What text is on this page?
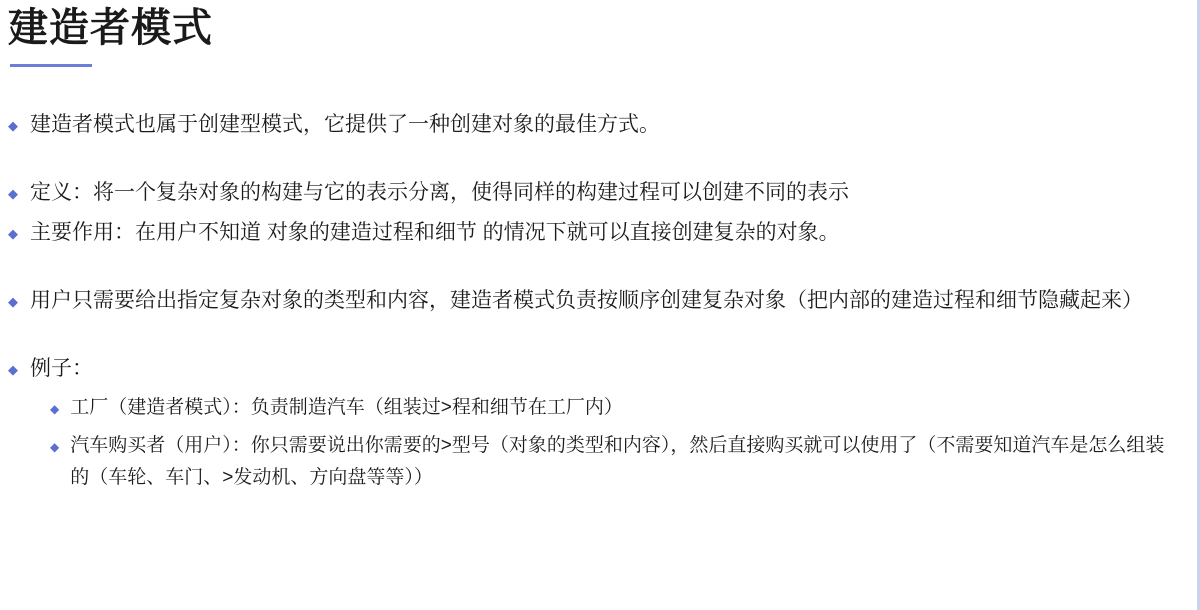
建造者模式
◆ 建造者模式也属于创建型模式，它提供了一种创建对象的最佳方式。
◆ 定义：将一个复杂对象的构建与它的表示分离，使得同样的构建过程可以创建不同的表示
◆ 主要作用：在用户不知道 对象的建造过程和细节 的情况下就可以直接创建复杂的对象。
◆ 用户只需要给出指定复杂对象的类型和内容，建造者模式负责按顺序创建复杂对象（把内部的建造过程和细节隐藏起来）
◆ 例子：
◆ 工厂（建造者模式）：负责制造汽车（组装过>程和细节在工厂内）
◆ 汽车购买者（用户）：你只需要说出你需要的>型号（对象的类型和内容），然后直接购买就可以使用了（不需要知道汽车是怎么组装的（车轮、车门、>发动机、方向盘等等））
